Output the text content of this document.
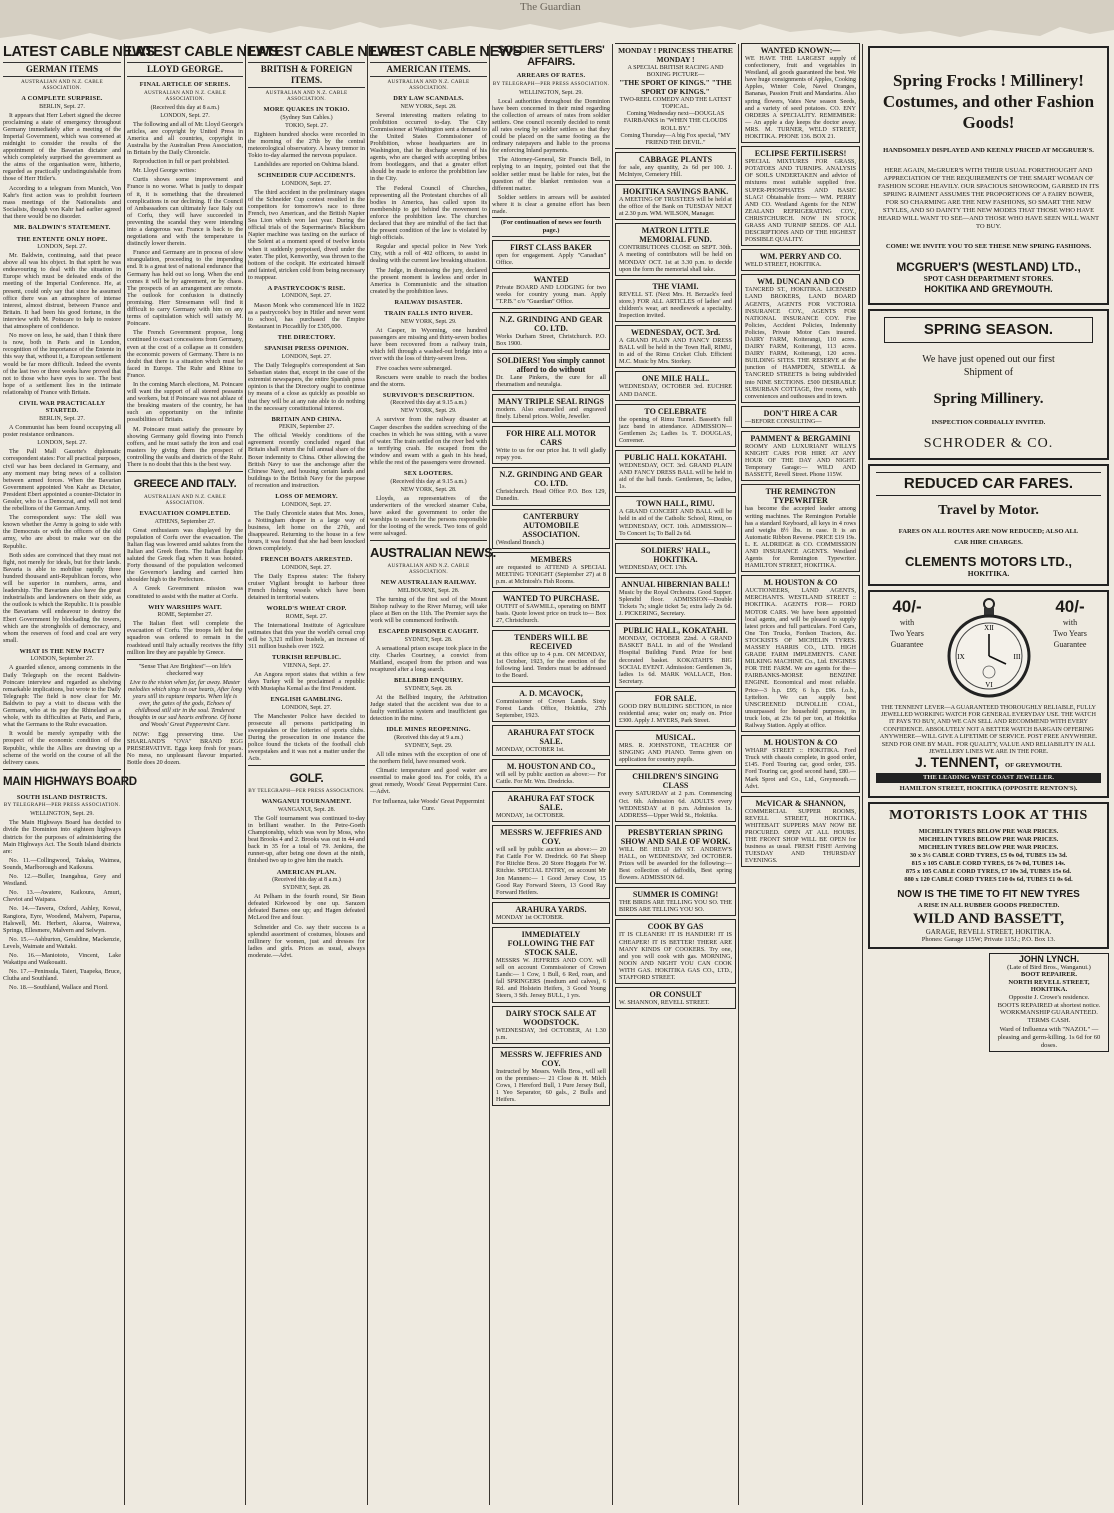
The Guardian
LATEST CABLE NEWS
GERMAN ITEMS
AUSTRALIAN AND N.Z. CABLE ASSOCIATION.
A COMPLETE SURPRISE.
BERLIN, Sept. 27.

It appears that Herr Lebert signed the decree proclaiming a state of emergency throughout Germany immediately after a meeting of the Imperial Government, which was convened at midnight to consider the results of the appointment of the Bavarian dictator and which completely surprised the government as the aims of the organisation were, hitherto, regarded as practically undistinguishable from those of Herr Hitler's.

According to a telegram from Munich, Von Kahr's first action was to prohibit fourteen mass meetings of the Nationalists and Socialists, though von Kahr had earlier agreed that there would be no disorder.

MR. BALDWIN'S STATEMENT.
THE ENTENTE ONLY HOPE.
LONDON, Sept. 27.

Mr. Baldwin, continuing, said that peace above all was his object. In that spirit he was endeavouring to deal with the situation in Europe which must be defeated ends of the meeting of the Imperial Conference. He, at present, could only say that since he assumed office there was an atmosphere of intense interest, almost distrust, between France and Britain. It had been his good fortune, in the interview with M. Poincare to help to restore that atmosphere of confidence.

No move on less, he said, than I think there is now, both in Paris and in London, recognition of the importance of the Entente in this way that, without it, a European settlement would be far more difficult. Indeed the events of the last two or three weeks have proved that not to those who have eyes to see. The best hope of a settlement lies in the intimate relationship of France with Britain.

CIVIL WAR PRACTICALLY STARTED.
BERLIN, Sept. 27.

A Communist has been found occupying all poster resistance ordinances.

LONDON, Sept. 27.

The Pall Mall Gazette's diplomatic correspondent states: For all practical purposes, civil war has been declared in Germany, and any moment may bring news of a collision between armed forces. When the Bavarian Government appointed Von Kahr as Dictator, President Ebert appointed a counter-Dictator in Gessler, who is a Democrat, and will not tend the rebellions of the German Army.

The correspondent says: The skill was known whether the Army is going to side with the Democrats or with the officers of the old army, who are about to make war on the Republic.

Both sides are convinced that they must not fight, not merely for ideals, but for their lands. Bavaria is able to mobilise rapidly three hundred thousand anti-Republican forces, who will be superior in numbers, arms, and leadership. The Bavarians also have the great industrialists and landowners on their side, as the outlook is which the Republic. It is possible the Bavarians will endeavour to destroy the Ebert Government by blockading the towers, which are the strongholds of democracy, and whom the reserves of food and coal are very small.

WHAT IS THE NEW PACT?
LONDON, September 27.

A guarded silence, among comments in the Daily Telegraph on the recent Baldwin-Poincare interview and regarded as shelving remarkable implications, but wrote to the Daily Telegraph: The field is now clear for Mr. Baldwin to pay a visit to discuss with the Germans, who at its pay the Rhineland as a whole, with its difficulties at Paris, and Paris, what the Germans to the Ruhr evacuation.

It would be merely sympathy with the prospect of the economic condition of the Republic, while the Allies are drawing up a scheme of the world on the course of all the delivery cases.

MAIN HIGHWAYS BOARD
SOUTH ISLAND DISTRICTS.
BY TELEGRAPH—PER PRESS ASSOCIATION.
WELLINGTON, Sept. 29.

The Main Highways Board has decided to divide the Dominion into eighteen highways districts for the purposes of administering the Main Highways Act. The South Island districts are:

No. 11.—Collingwood, Takaka, Waimea, Sounds, Marlborough and Kaikoura.

No. 12.—Buller, Inangahua, Grey and Westland.

No. 13.—Awatere, Kaikoura, Amuri, Cheviot and Waipara.

No. 14.—Tawera, Oxford, Ashley, Kowai, Rangiora, Eyre, Woodend, Malvern, Paparua, Halswell, Mt. Herbert, Akaroa, Wairewa, Springs, Ellesmere, Malvern and Selwyn.

No. 15.—Ashburton, Geraldine, Mackenzie, Levels, Waimate and Waitaki.

No. 16.—Maniototo, Vincent, Lake Wakatipu and Waikouaiti.

No. 17.—Peninsula, Taieri, Tuapeka, Bruce, Clutha and Southland.

No. 18.—Southland, Wallace and Fiord.

LATEST CABLE NEWS
LLOYD GEORGE.
FINAL ARTICLE OF SERIES.
AUSTRALIAN AND N.Z. CABLE ASSOCIATION.
(Received this day at 8 a.m.)
LONDON, Sept. 27.

The following and all of Mr. Lloyd George's articles, are copyright by United Press in America and all countries, copyright in Australia by the Australian Press Association, in Britain by the Daily Chronicle.

Reproduction in full or part prohibited.

Mr. Lloyd George writes:

Curtis shows some improvement and France is no worse. What is justly to despair of it, it is something that the threatened complications in our declining. If the Council of Ambassadors can ultimately face Italy out of Corfu, they will have succeeded in preventing the scandal they were intending into a dangerous war. France is back to the negotiations and with the temperature is distinctly lower therein.

France and Germany are in process of slow strangulation, proceeding to the impending end. It is a great test of national endurance that Germany has held out so long. When the end comes it will be by agreement, or by chaos. The prospects of an arrangement are remote. The outlook for confusion is distinctly promising. Herr Stresemann will find it difficult to carry Germany with him on any terms of capitulation which will satisfy M. Poincare.

The French Government propose, long continued to exact concessions from Germany, even at the cost of a collapse as it considers the economic powers of Germany. There is no doubt that there is a situation which must be faced in Europe. The Ruhr and Rhine to France.

In the coming March elections, M. Poincare will want the support of all steered peasants and workers, but if Poincare was not ablaze of the breaking masters of the country, he has such an opportunity on the infinite possibilities of Britain.

M. Poincare must satisfy the pressure by showing Germany gold flowing into French coffers, and he must satisfy the iron and coal masters by giving them the prospect of controlling the vaults and districts of the Ruhr. There is no doubt that this is the best way.

GREECE AND ITALY.
AUSTRALIAN AND N.Z. CABLE ASSOCIATION.
EVACUATION COMPLETED.
ATHENS, September 27.

Great enthusiasm was displayed by the population of Corfu over the evacuation. The Italian flag was lowered amid salutes from the Italian and Greek fleets. The Italian flagship saluted the Greek flag when it was hoisted. Forty thousand of the population welcomed the Governor's landing and carried him shoulder high to the Prefecture.

A Greek Government mission was constituted to assist with the matter at Corfu.

WHY WARSHIPS WAIT.
ROME, September 27.

The Italian fleet will complete the evacuation of Corfu. The troops left but the squadron was ordered to remain in the roadstead until Italy actually receives the fifty million lire they are payable by Greece.

"Sense That Are Brightest"—on life's checkered way

Live to the vision when far, far away. Master melodies which sings in our hearts, After long years still its rapture imparts. When life is over, the gates of the gods, Echoes of childhood still stir in the soul. Tenderest thoughts in our sad hearts enthrone. Of home and Woods' Great Peppermint Cure.

NOW: Egg preserving time. Use SHARLAND'S "OVA" BRAND EGG PRESERVATIVE. Eggs keep fresh for years. No mess, no unpleasant flavour imparted. Bottle does 20 dozen.

LATEST CABLE NEWS
BRITISH & FOREIGN ITEMS.
AUSTRALIAN AND N.Z. CABLE ASSOCIATION.
MORE QUAKES IN TOKIO.
(Sydney Sun Cables.)
TOKIO, Sept. 27.

Eighteen hundred shocks were recorded in the morning of the 27th by the central meteorological observatory. A heavy tremor in Tokio to-day alarmed the nervous populace.

Landslides are reported on Oshima Island.

SCHNEIDER CUP ACCIDENTS.
LONDON, Sept. 27.

The third accident in the preliminary stages of the Schneider Cup contest resulted in the competitors for tomorrow's race to three French, two American, and the British Napier Sea Lion which won last year. During the official trials of the Supermarine's Blackburn Napier machine was taxiing on the surface of the Solent at a moment speed of twelve knots when it suddenly porpoised, dived under the water. The pilot, Kenworthy, was thrown to the bottom of the cockpit. He extricated himself and fainted, stricken cold from being necessary to reappear.

A PASTRYCOOK'S RISE.
LONDON, Sept. 27.

Mason Monk who commenced life in 1822 as a pastrycook's boy in Hitler and never went to school, has purchased the Empire Restaurant in Piccadilly for £305,000.

THE DIRECTORY.
SPANISH PRESS OPINION.
LONDON, Sept. 27.

The Daily Telegraph's correspondent at San Sebastian states that, except in the case of the extremist newspapers, the entire Spanish press opinion is that the Directory ought to continue by means of a close as quickly as possible so that they will be at any rate able to do nothing in the necessary constitutional interest.

BRITAIN AND CHINA.
PEKIN, September 27.

The official Weekly conditions of the agreement recently concluded regard that Britain shall return the full annual share of the Boxer indemnity to China. Other allowing the British Navy to use the anchorage after the Chinese Navy, and housing certain lands and buildings to the British Navy for the purpose of recreation and instruction.

LOSS OF MEMORY.
LONDON, Sept. 27.

The Daily Chronicle states that Mrs. Jones, a Nottingham draper in a large way of business, left home on the 27th, and disappeared. Returning to the house in a few hours, it was found that she had been knocked down completely.

FRENCH BOATS ARRESTED.
LONDON, Sept. 27.

The Daily Express states: The fishery cruiser Vigilant brought to harbour three French fishing vessels which have been detained in territorial waters.

WORLD'S WHEAT CROP.
ROME, Sept. 27.

The International Institute of Agriculture estimates that this year the world's cereal crop will be 3,321 million bushels, an increase of 311 million bushels over 1922.

TURKISH REPUBLIC.
VIENNA, Sept. 27.

An Angora report states that within a few days Turkey will be proclaimed a republic with Mustapha Kemal as the first President.

ENGLISH GAMBLING.
LONDON, Sept. 27.

The Manchester Police have decided to prosecute all persons participating in sweepstakes or the lotteries of sports clubs. During the prosecution in one instance the police found the tickets of the football club sweepstakes and it was not a matter under the Acts.

GOLF.
BY TELEGRAPH—PER PRESS ASSOCIATION.
WANGANUI TOURNAMENT.
WANGANUI, Sept. 28.

The Golf tournament was continued to-day in brilliant weather. In the Petre-Goeth Championship, which was won by Moss, who beat Brooks 4 and 2. Brooks was out in 44 and back in 35 for a total of 79. Jenkins, the runner-up, after being one down at the ninth, finished two up to give him the match.

AMERICAN PLAN.
(Received this day at 8 a.m.)
SYDNEY, Sept. 28.

At Pelham in the fourth round, Sir Bean defeated Kirkwood by one up. Sarazen defeated Barnes one up; and Hagen defeated McLeod five and four.

Schneider and Co. say their success is a splendid assortment of costumes, blouses and millinery for women, just and dresses for ladies and girls. Prices as usual, always moderate.—Advt.

LATEST CABLE NEWS
AMERICAN ITEMS.
AUSTRALIAN AND N.Z. CABLE ASSOCIATION.
DRY LAW SCANDALS.
NEW YORK, Sept. 28.

Several interesting matters relating to prohibition occurred to-day. The City Commissioner at Washington sent a demand to the United States Commissioner of Prohibition, whose headquarters are in Washington, that he discharge several of his agents, who are charged with accepting bribes from bootleggers, and that a greater effort should be made to enforce the prohibition law in the City.

The Federal Council of Churches, representing all the Protestant churches of all bodies in America, has called upon its membership to get behind the movement to enforce the prohibition law. The churches declared that they are mindful of the fact that the present condition of the law is violated by high officials.

Regular and special police in New York City, with a roll of 402 officers, to assist in dealing with the current law breaking situation.

The Judge, in dismissing the jury, declared the present moment is lawless and order in America is Communistic and the situation created by the prohibition laws.

RAILWAY DISASTER.
TRAIN FALLS INTO RIVER.
NEW YORK, Sept. 29.

At Casper, in Wyoming, one hundred passengers are missing and thirty-seven bodies have been recovered from a railway train, which fell through a washed-out bridge into a river with the loss of thirty-seven lives.

Five coaches were submerged.

Rescuers were unable to reach the bodies and the storm.

SURVIVOR'S DESCRIPTION.
(Received this day at 9.15 a.m.)
NEW YORK, Sept. 29.

A survivor from the railway disaster at Casper describes the sudden screeching of the coaches in which he was sitting, with a wave of water. The train settled on the river bed with a terrifying crash. He escaped from the window and swam with a gash in his head, while the rest of the passengers were drowned.

SEX LOOTERS.
(Received this day at 9.15 a.m.)
NEW YORK, Sept. 28.

Lloyds, as representatives of the underwriters of the wrecked steamer Cuba, have asked the government to order the warships to search for the persons responsible for the looting of the wreck. Two tons of gold were salvaged.

AUSTRALIAN NEWS.
AUSTRALIAN AND N.Z. CABLE ASSOCIATION.
NEW AUSTRALIAN RAILWAY.
MELBOURNE, Sept. 28.

The turning of the first sod of the Mount Bishop railway to the River Murray, will take place at Ben on the 11th. The Premier says the work will be commenced forthwith.

ESCAPED PRISONER CAUGHT.
SYDNEY, Sept. 28.

A sensational prison escape took place in the city. Charles Courtney, a convict from Maitland, escaped from the prison and was recaptured after a long search.

BELLBIRD ENQUIRY.
SYDNEY, Sept. 28.

At the Bellbird inquiry, the Arbitration Judge stated that the accident was due to a faulty ventilation system and insufficient gas detection in the mine.

IDLE MINES REOPENING.
(Received this day at 9 a.m.)
SYDNEY, Sept. 29.

All idle mines with the exception of one of the northern field, have resumed work.

Climatic temperature and good water are essential to make good tea. For colds, it's a great remedy, Woods' Great Peppermint Cure.—Advt.

For Influenza, take Woods' Great Peppermint Cure.

SOLDIER SETTLERS' AFFAIRS.
ARREARS OF RATES.
BY TELEGRAPH—PER PRESS ASSOCIATION.
WELLINGTON, Sept. 29.

Local authorities throughout the Dominion have been concerned in their mind regarding the collection of arrears of rates from soldier settlers. One council recently decided to remit all rates owing by soldier settlers so that they could be placed on the same footing as the ordinary ratepayers and liable to the process for enforcing Inland payments.

The Attorney-General, Sir Francis Bell, in replying to an inquiry, pointed out that the soldier settler must be liable for rates, but the question of the blanket remission was a different matter.

Soldier settlers in arrears will be assisted where it is clear a genuine effort has been made.

(For continuation of news see fourth page.)
FIRST CLASS BAKER
open for engagement. Apply "Canadian" Office.
WANTED
Private BOARD AND LODGING for two weeks for country young man. Apply "T.P.B." c/o "Guardian" Office.
N.Z. GRINDING AND GEAR CO. LTD.
Works Durham Street, Christchurch. P.O. Box 1900.
SOLDIERS! You simply cannot afford to do without
Dr. Lane Pinkers, the cure for all rheumatism and neuralgia.
MANY TRIPLE SEAL RINGS
modern. Also enamelled and engraved finely. Liberal prices. Wolfe, Jeweller.
FOR HIRE ALL MOTOR CARS
Write to us for our price list. It will gladly repay you.
N.Z. GRINDING AND GEAR CO. LTD.
Christchurch. Head Office P.O. Box 129, Dunedin.
CANTERBURY AUTOMOBILE ASSOCIATION.
(Westland Branch.)
MEMBERS
are requested to ATTEND A SPECIAL MEETING TONIGHT (September 27) at 8 p.m. at McIntosh's Fish Rooms.
WANTED TO PURCHASE.
OUTFIT of SAWMILL, operating on BIMT basis. Quote lowest price on truck to— Box 27, Christchurch.
TENDERS WILL BE RECEIVED
at this office up to 4 p.m. ON MONDAY, 1st October, 1923, for the erection of the following land. Tenders must be addressed to the Board.
A. D. MCAVOCK,
Commissioner of Crown Lands. Sixty Forest Lands Office, Hokitika, 27th September, 1923.
ARAHURA FAT STOCK SALE.
MONDAY, OCTOBER 1st.
M. HOUSTON AND CO.,
will sell by public auction as above:— For Cattle. For Mr. Wm. Dredricks.
ARAHURA FAT STOCK SALE.
MONDAY, 1st OCTOBER.
MESSRS W. JEFFRIES AND COY.
will sell by public auction as above:— 20 Fat Cattle For W. Dredrick. 60 Fat Sheep For Ritchie Bros. 20 Store Hoggets For W. Ritchie. SPECIAL ENTRY, on account Mr Jon Manners:— 1 Good Jersey Cow, 15 Good Ray Forward Steers, 13 Good Ray Forward Heifers.
ARAHURA YARDS.
MONDAY 1st OCTOBER.
IMMEDIATELY FOLLOWING THE FAT STOCK SALE.
MESSRS W. JEFFRIES AND COY. will sell on account Commissioner of Crown Lands:— 1 Cow, 1 Bull, 6 Red, roan, and fall SPRINGERS (medium and calves), 6 Rd. and Holstein Heifers, 3 Good Young Steers, 3 Sth. Jersey BULL, 1 yrs.
DAIRY STOCK SALE AT WOODSTOCK.
WEDNESDAY, 3rd OCTOBER, At 1.30 p.m.
MESSRS W. JEFFRIES AND COY.
Instructed by Messrs. Wells Bros., will sell on the premises:— 21 Close & H. Milch Cows, 1 Hereford Bull, 1 Pure Jersey Bull, 1 Yeo Separator, 60 gals., 2 Bulls and Heifers.
MONDAY ! PRINCESS THEATRE MONDAY !
A SPECIAL BRITISH RACING AND BOXING PICTURE—
"THE SPORT OF KINGS." "THE SPORT OF KINGS."
TWO-REEL COMEDY AND THE LATEST TOPICAL.
Coming Wednesday next—DOUGLAS FAIRBANKS in "WHEN THE CLOUDS ROLL BY."
Coming Thursday—A big Fox special, "MY FRIEND THE DEVIL."
CABBAGE PLANTS
for sale, any quantity, 2s 6d per 100. J. McIntyre, Cemetery Hill.
HOKITIKA SAVINGS BANK.
A MEETING OF TRUSTEES will be held at the office of the Bank on TUESDAY NEXT at 2.30 p.m. WM. WILSON, Manager.
MATRON LITTLE MEMORIAL FUND.
CONTRIBUTIONS CLOSE on SEPT. 30th. A meeting of contributors will be held on MONDAY OCT. 1st at 3.30 p.m. to decide upon the form the memorial shall take.
THE VIAMI.
REVELL ST. (Next Mrs. H. Berzack's feed store.) FOR ALL ARTICLES of ladies' and children's wear, art needlework a speciality. Inspection invited.
WEDNESDAY, OCT. 3rd.
A GRAND PLAIN AND FANCY DRESS BALL will be held in the Town Hall, RIMU, in aid of the Rimu Cricket Club. Efficient M.C. Music by Mrs. Storkey.
ONE MILE HALL.
WEDNESDAY, OCTOBER 3rd. EUCHRE AND DANCE.
TO CELEBRATE
the opening of Rimu Tunnel. Bassett's full jazz band in attendance. ADMISSION—Gentlemen 2s; Ladies 1s. T. DOUGLAS, Convener.
PUBLIC HALL KOKATAHI.
WEDNESDAY, OCT. 3rd. GRAND PLAIN AND FANCY DRESS BALL will be held in aid of the hall funds. Gentlemen, 5s; ladies, 1s.
TOWN HALL, RIMU.
A GRAND CONCERT AND BALL will be held in aid of the Catholic School, Rimu, on WEDNESDAY, OCT. 10th. ADMISSION—To Concert 1s; To Ball 2s 6d.
SOLDIERS' HALL, HOKITIKA.
WEDNESDAY, OCT. 17th.
ANNUAL HIBERNIAN BALL!
Music by the Royal Orchestra. Good Supper. Splendid floor. ADMISSION—Double Tickets 7s; single ticket 5s; extra lady 2s 6d. J. PICKERING, Secretary.
PUBLIC HALL, KOKATAHI.
MONDAY, OCTOBER 22nd. A GRAND BASKET BALL in aid of the Westland Hospital Building Fund. Prize for best decorated basket. KOKATAHI'S BIG SOCIAL EVENT. Admission: Gentlemen 3s, ladies 1s 6d. MARK WALLACE, Hon. Secretary.
FOR SALE.
GOOD DRY BUILDING SECTION, in nice residential area; water on; ready on. Price £300. Apply J. MYERS, Park Street.
MUSICAL.
MRS. R. JOHNSTONE, TEACHER OF SINGING AND PIANO. Terms given on application for country pupils.
CHILDREN'S SINGING CLASS
every SATURDAY at 2 p.m. Commencing Oct. 6th. Admission 6d. ADULTS every WEDNESDAY at 8 p.m. Admission 1s. ADDRESS—Upper Weld St., Hokitika.
PRESBYTERIAN SPRING SHOW AND SALE OF WORK.
WILL BE HELD IN ST. ANDREW'S HALL, on WEDNESDAY, 3rd OCTOBER. Prizes will be awarded for the following:— Best collection of daffodils, Best spring flowers. ADMISSION 6d.
SUMMER IS COMING!
THE BIRDS ARE TELLING YOU SO. THE BIRDS ARE TELLING YOU SO.
COOK BY GAS
IT IS CLEANER! IT IS HANDIER! IT IS CHEAPER! IT IS BETTER! THERE ARE MANY KINDS OF COOKERS. Try one, and you will cook with gas. MORNING, NOON AND NIGHT YOU CAN COOK WITH GAS. HOKITIKA GAS CO., LTD., STAFFORD STREET.
OR CONSULT
W. SHANNON, REVELL STREET.
WANTED KNOWN:—
WE HAVE THE LARGEST supply of confectionery, fruit and vegetables in Westland, all goods guaranteed the best. We have huge consignments of Apples, Cooking Apples, Winter Cole, Navel Oranges, Bananas, Passion Fruit and Mandarins. Also spring flowers, Vates New season Seeds, and a variety of seed potatoes. CO. ENY ORDERS A SPECIALITY. REMEMBER:— An apple a day keeps the doctor away. MRS. M. TURNER, WELD STREET, HOKITIKA. PHONE 136. BOX 21.
ECLIPSE FERTILISERS!
SPECIAL MIXTURES FOR GRASS, POTATOES AND TURNIPS. ANALYSIS OF SOILS UNDERTAKEN and advice of mixtures most suitable supplied free. SUPER-PHOSPHATES AND BASIC SLAG! Obtainable from:— WM. PERRY AND CO. Westland Agents for the NEW ZEALAND REFRIGERATING COY., CHRISTCHURCH. NOW IN STOCK GRASS AND TURNIP SEEDS. OF ALL DESCRIPTIONS AND OF THE HIGHEST POSSIBLE QUALITY.
WM. PERRY AND CO.
WELD STREET, HOKITIKA.
WM. DUNCAN AND CO
TANCRED ST., HOKITIKA. LICENSED LAND BROKERS, LAND BOARD AGENTS, AGENTS FOR VICTORIA INSURANCE COY., AGENTS FOR NATIONAL INSURANCE COY. Fire Policies, Accident Policies, Indemnity Policies, Private Motor Cars insured. DAIRY FARM, Koiterangi, 110 acres. DAIRY FARM, Koiterangi, 113 acres. DAIRY FARM, Koiterangi, 120 acres. BUILDING SITES. THE RESERVE at the junction of HAMPDEN, SEWELL & TANCRED STREETS is being subdivided into NINE SECTIONS. £500 DESIRABLE SUBURBAN COTTAGE, five rooms, with conveniences and outhouses and in town.
DON'T HIRE A CAR
—BEFORE CONSULTING—
PAMMENT & BERGAMINI
ROOMY AND LUXURIANT WILLYS KNIGHT CARS FOR HIRE AT ANY HOUR OF THE DAY AND NIGHT. Temporary Garage:— WILD AND BASSETT, Revell Street. Phone 115W.
THE REMINGTON TYPEWRITER
has become the accepted leader among writing machines. The Remington Portable has a standard Keyboard, all keys in 4 rows and weighs 8½ lbs. in case. It is an Automatic Ribbon Reverse. PRICE £19 19s. L. E. ALDRIDGE & CO. COMMISSION AND INSURANCE AGENTS. Westland Agents for Remington Typewriter. HAMILTON STREET, HOKITIKA.
M. HOUSTON & CO
AUCTIONEERS, LAND AGENTS, MERCHANTS. WESTLAND STREET :: HOKITIKA. AGENTS FOR— FORD MOTOR CARS. We have been appointed local agents, and will be pleased to supply latest prices and full particulars. Ford Cars, One Ton Trucks, Fordson Tractors, &c. STOCKISTS OF MICHELIN TYRES. MASSEY HARRIS CO., LTD. HIGH GRADE FARM IMPLEMENTS. CANE MILKING MACHINE Co., Ltd. ENGINES FOR THE FARM. We are agents for the— FAIRBANKS-MORSE BENZINE ENGINE. Economical and most reliable. Price—3 h.p. £95; 6 h.p. £96. f.o.b., Lyttelton. We can supply best UNSCREENED DUNOLLIE COAL, unsurpassed for household purposes, in truck lots, at 23s 6d per ton, at Hokitika Railway Station. Apply at office.
M. HOUSTON & CO
WHARF STREET :: HOKITIKA. Ford Truck with chassis complete, in good order, £145. Ford Touring car, good order, £95. Ford Touring car, good second hand, £80.—Mark Sprot and Co., Ltd., Greymouth.—Advt.
McVICAR & SHANNON,
COMMERCIAL SUPPER ROOMS, REVELL STREET, HOKITIKA. WHITEBAIT SUPPERS MAY NOW BE PROCURED. OPEN AT ALL HOURS. THE FRONT SHOP WILL BE OPEN for business as usual. FRESH FISH! Arriving TUESDAY AND THURSDAY EVENINGS.
Spring Frocks ! Millinery!
Costumes, and other Fashion
Goods!
HANDSOMELY DISPLAYED AND KEENLY PRICED AT MCGRUER'S.
HERE AGAIN, McGRUER'S WITH THEIR USUAL FORETHOUGHT AND APPRECIATION OF THE REQUIREMENTS OF THE SMART WOMAN OF FASHION SCORE HEAVILY. OUR SPACIOUS SHOWROOM, GARBED IN ITS SPRING RAIMENT ASSUMES THE PROPORTIONS OF A FAIRY BOWER, FOR SO CHARMING ARE THE NEW FASHIONS, SO SMART THE NEW STYLES, AND SO DAINTY THE NEW MODES THAT THOSE WHO HAVE HEARD WILL WANT TO SEE—AND THOSE WHO HAVE SEEN WILL WANT TO BUY.
COME! WE INVITE YOU TO SEE THESE NEW SPRING FASHIONS.
MCGRUER'S (WESTLAND) LTD.,
SPOT CASH DEPARTMENT STORES.
HOKITIKA AND GREYMOUTH.
SPRING SEASON.
We have just opened out our first
Shipment of
Spring Millinery.
INSPECTION CORDIALLY INVITED.
SCHRODER & CO.
REDUCED CAR FARES.
Travel by Motor.
FARES ON ALL ROUTES ARE NOW REDUCED; ALSO ALL CAR HIRE CHARGES.
CLEMENTS MOTORS LTD.,
HOKITIKA.
40/-
with
Two Years
Guarantee
XII
III
VI
IX
40/-
with
Two Years
Guarantee
THE TENNENT LEVER—A GUARANTEED THOROUGHLY RELIABLE, FULLY JEWELLED WORKING WATCH FOR GENERAL EVERYDAY USE. THE WATCH IT PAYS TO BUY, AND WE CAN SELL AND RECOMMEND WITH EVERY CONFIDENCE. ABSOLUTELY NOT A BETTER WATCH BARGAIN OFFERING ANYWHERE—WILL GIVE A LIFETIME OF SERVICE. POST FREE ANYWHERE. SEND FOR ONE BY MAIL. FOR QUALITY, VALUE AND RELIABILITY IN ALL JEWELLERY LINES WE ARE IN THE FORE.
J. TENNENT, OF GREYMOUTH.
THE LEADING WEST COAST JEWELLER.
HAMILTON STREET, HOKITIKA (OPPOSITE RENTON'S).
MOTORISTS LOOK AT THIS
MICHELIN TYRES BELOW PRE WAR PRICES.
MICHELIN TYRES BELOW PRE WAR PRICES.
MICHELIN TYRES BELOW PRE WAR PRICES.
30 x 3½ CABLE CORD TYRES, £5 0s 0d, TUBES 13s 3d.
815 x 105 CABLE CORD TYRES, £6 7s 0d, TUBES 14s.
875 x 105 CABLE CORD TYRES, £7 10s 3d, TUBES 15s 6d.
880 x 120 CABLE CORD TYRES £10 0s 6d, TUBES £1 0s 6d.
NOW IS THE TIME TO FIT NEW TYRES
A RISE IN ALL RUBBER GOODS PREDICTED.
WILD AND BASSETT,
GARAGE, REVELL STREET, HOKITIKA.
Phones: Garage 115W; Private 115J.; P.O. Box 13.
JOHN LYNCH.
(Late of Bird Bros., Wanganui.)
BOOT REPAIRER.
NORTH REVELL STREET, HOKITIKA.
Opposite J. Crowe's residence.
BOOTS REPAIRED at shortest notice. WORKMANSHIP GUARANTEED. TERMS CASH.
Ward of Influenza with "NAZOL" —pleasing and germ-killing. 1s 6d for 60 doses.
